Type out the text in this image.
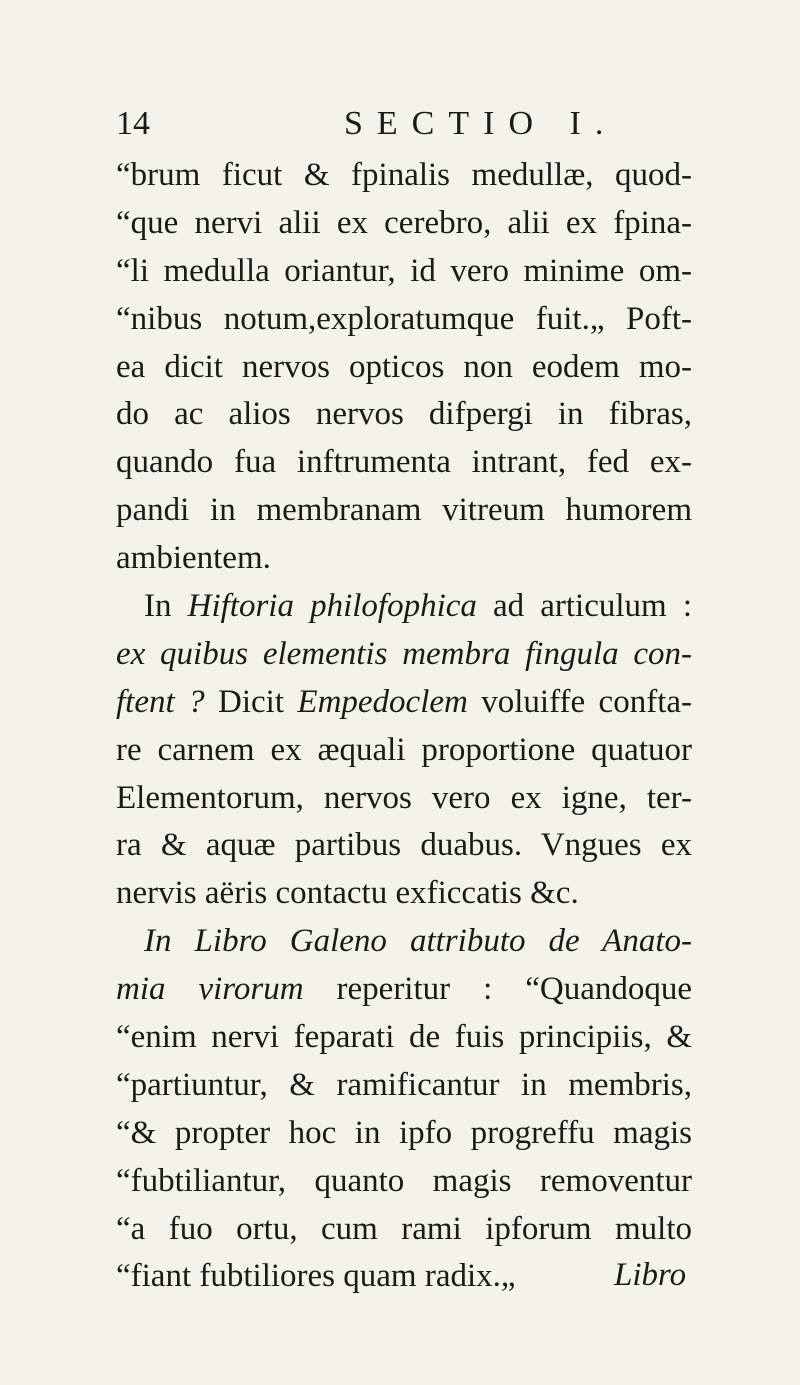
14	SECTIO I.
“brum ficut & fpinalis medullæ, quod-
“que nervi alii ex cerebro, alii ex fpina-
“li medulla oriantur, id vero minime om-
“nibus notum,exploratumque fuit.„ Poft-
ea dicit nervos opticos non eodem mo-
do ac alios nervos difpergi in fibras,
quando fua inftrumenta intrant, fed ex-
pandi in membranam vitreum humorem
ambientem.
In Hiftoria philofophica ad articulum :
ex quibus elementis membra fingula con-
ftent ? Dicit Empedoclem voluiffe confta-
re carnem ex æquali proportione quatuor
Elementorum, nervos vero ex igne, ter-
ra & aquæ partibus duabus. Vngues ex
nervis aëris contactu exficcatis &c.
In Libro Galeno attributo de Anato-
mia virorum reperitur : “Quandoque
“enim nervi feparati de fuis principiis, &
“partiuntur, & ramificantur in membris,
“& propter hoc in ipfo progreffu magis
“fubtiliantur, quanto magis removentur
“a fuo ortu, cum rami ipforum multo
“fiant fubtiliores quam radix.„	Libro
